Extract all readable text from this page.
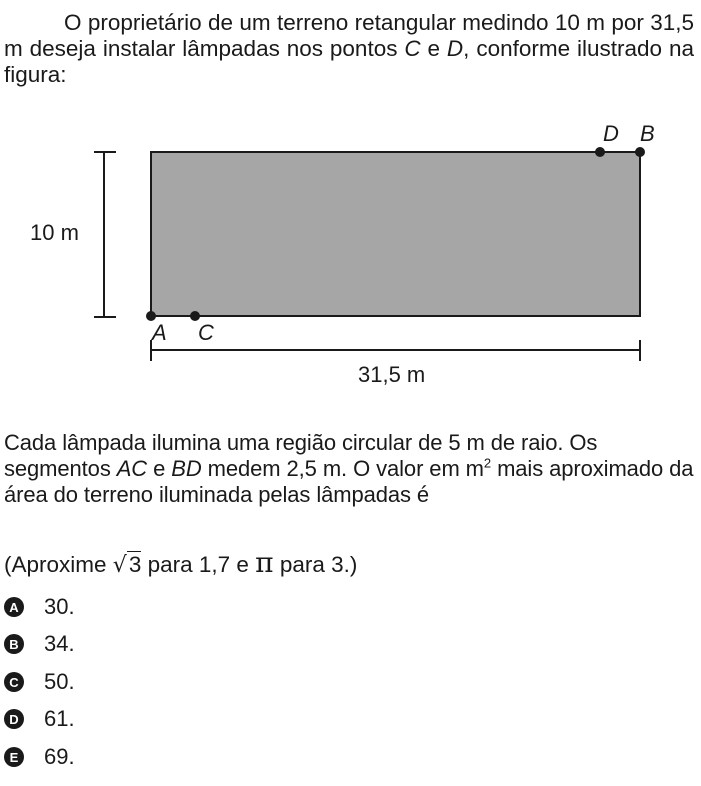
O proprietário de um terreno retangular medindo 10 m por 31,5 m deseja instalar lâmpadas nos pontos C e D, conforme ilustrado na figura:
10 m
31,5 m
A C
D B
Cada lâmpada ilumina uma região circular de 5 m de raio. Os segmentos AC e BD medem 2,5 m. O valor em $m^2$ mais aproximado da área do terreno iluminada pelas lâmpadas é
(Aproxime √3 para 1,7 e π para 3.)
A 30.
B 34.
C 50.
D 61.
E 69.
